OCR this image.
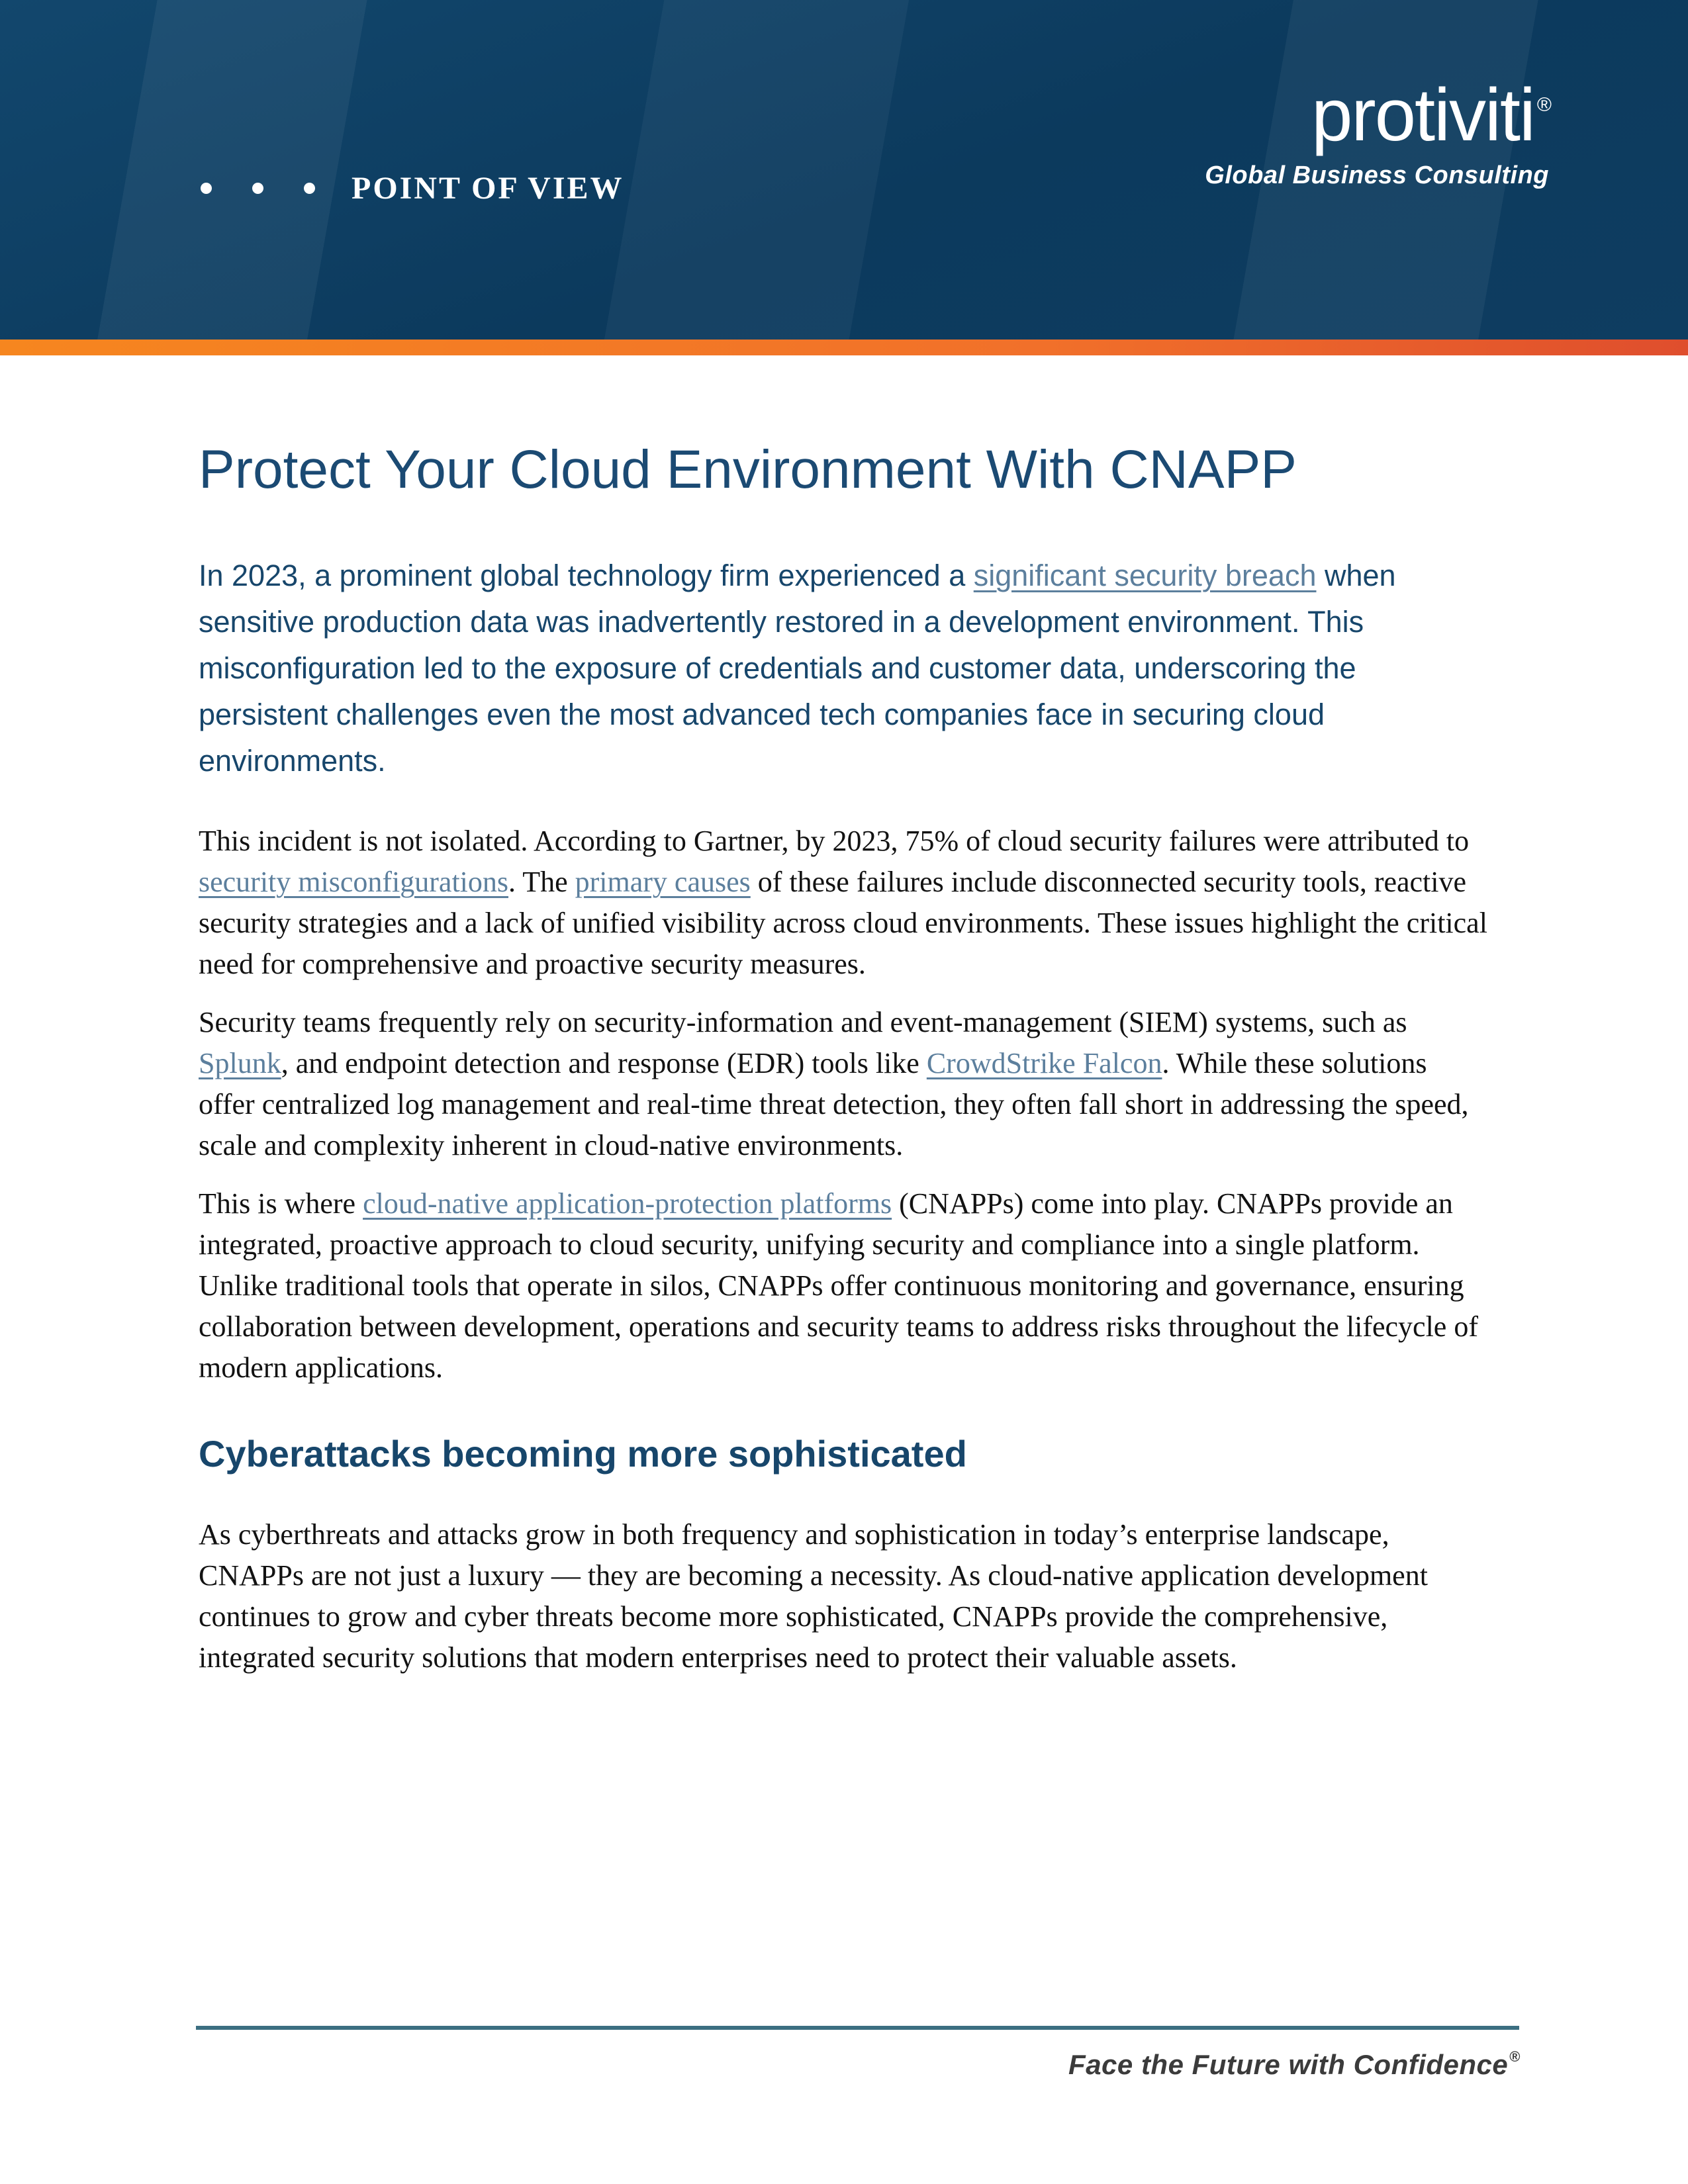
POINT OF VIEW
protiviti ®
Global Business Consulting
Protect Your Cloud Environment With CNAPP

In 2023, a prominent global technology firm experienced a significant security breach when sensitive production data was inadvertently restored in a development environment. This misconfiguration led to the exposure of credentials and customer data, underscoring the persistent challenges even the most advanced tech companies face in securing cloud environments.

This incident is not isolated. According to Gartner, by 2023, 75% of cloud security failures were attributed to security misconfigurations. The primary causes of these failures include disconnected security tools, reactive security strategies and a lack of unified visibility across cloud environments. These issues highlight the critical need for comprehensive and proactive security measures.

Security teams frequently rely on security-information and event-management (SIEM) systems, such as Splunk, and endpoint detection and response (EDR) tools like CrowdStrike Falcon. While these solutions offer centralized log management and real-time threat detection, they often fall short in addressing the speed, scale and complexity inherent in cloud-native environments.

This is where cloud-native application-protection platforms (CNAPPs) come into play. CNAPPs provide an integrated, proactive approach to cloud security, unifying security and compliance into a single platform. Unlike traditional tools that operate in silos, CNAPPs offer continuous monitoring and governance, ensuring collaboration between development, operations and security teams to address risks throughout the lifecycle of modern applications.

Cyberattacks becoming more sophisticated

As cyberthreats and attacks grow in both frequency and sophistication in today’s enterprise landscape, CNAPPs are not just a luxury — they are becoming a necessity. As cloud-native application development continues to grow and cyber threats become more sophisticated, CNAPPs provide the comprehensive, integrated security solutions that modern enterprises need to protect their valuable assets.

Face the Future with Confidence®
